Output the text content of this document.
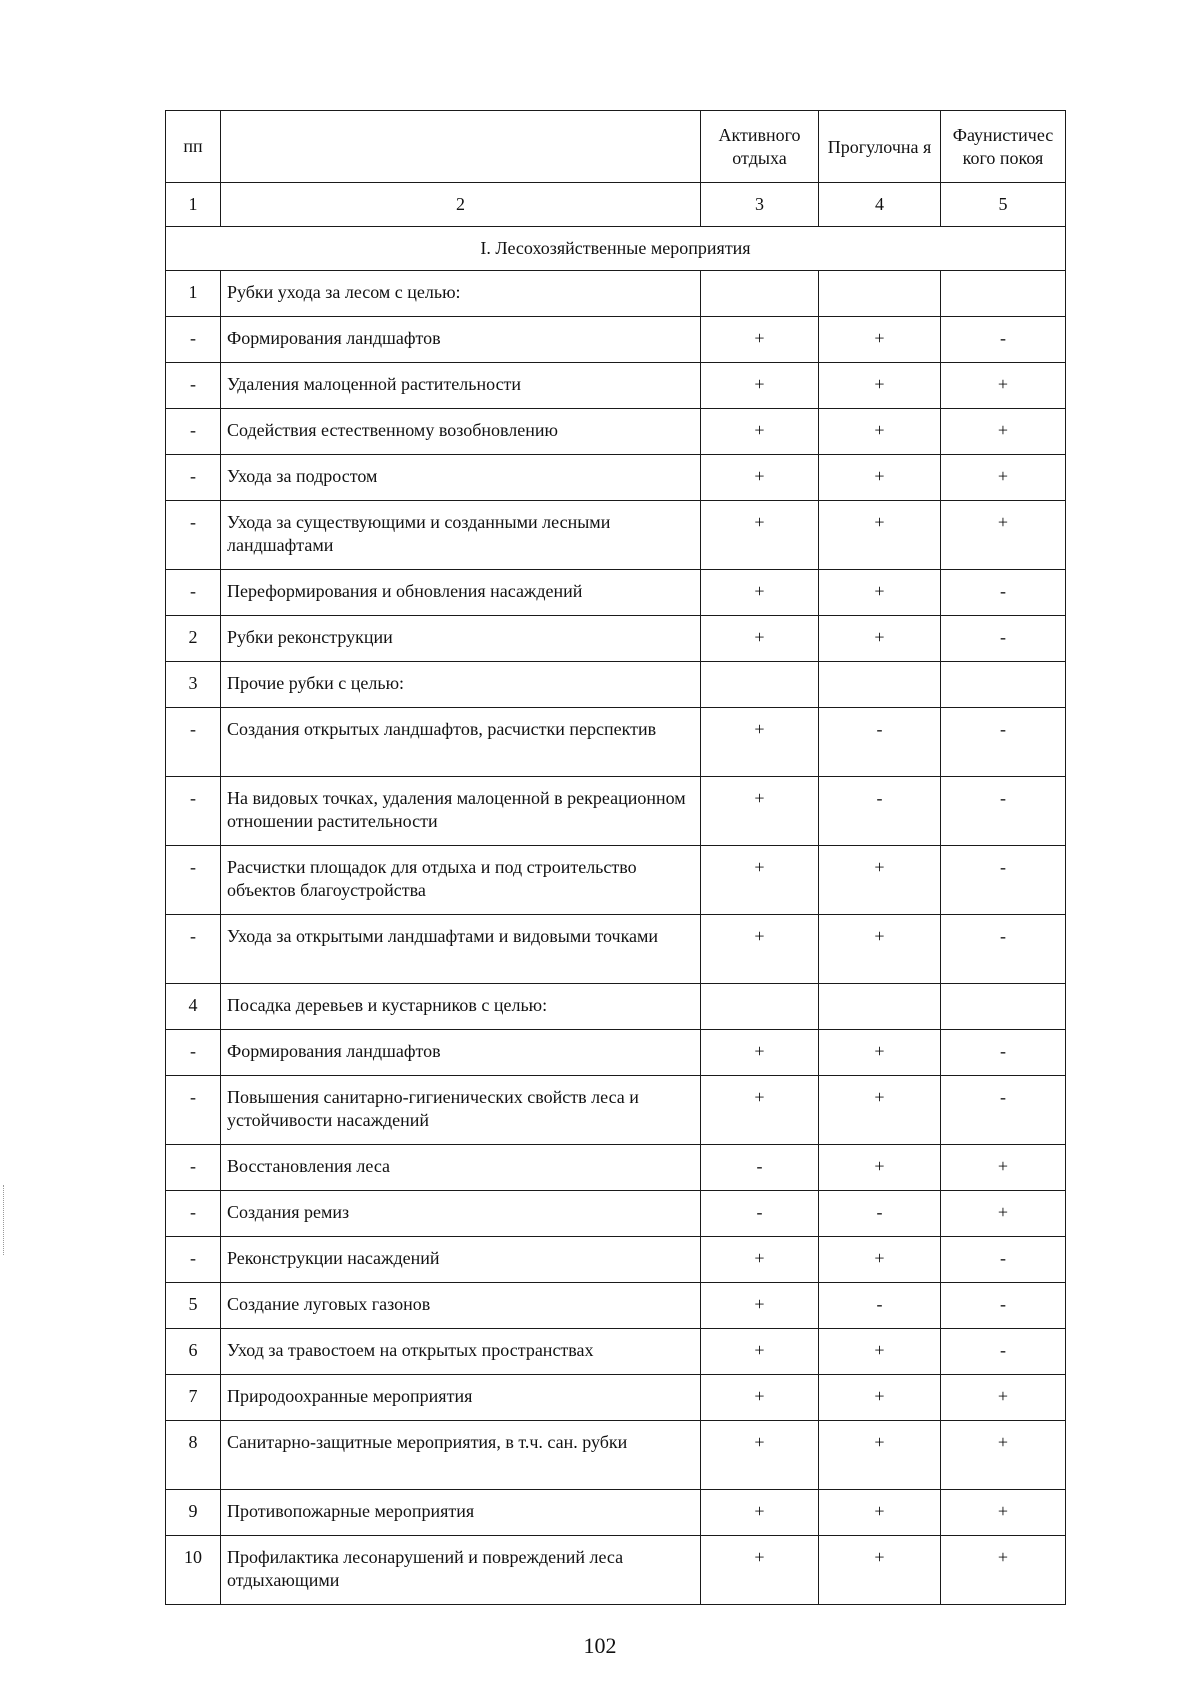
пп		Активного отдыха	Прогулочна я	Фаунистичес кого покоя
1	2	3	4	5
I. Лесохозяйственные мероприятия				

1	Рубки ухода за лесом с целью:			

-	Формирования ландшафтов	+	+	-

-	Удаления малоценной растительности	+	+	+

-	Содействия естественному возобновлению	+	+	+

-	Ухода за подростом	+	+	+

-	Ухода за существующими и созданными лесными ландшафтами	+	+	+

-	Переформирования и обновления насаждений	+	+	-

2	Рубки реконструкции	+	+	-

3	Прочие рубки с целью:			

-	Создания открытых ландшафтов, расчистки перспектив	+	-	-

-	На видовых точках, удаления малоценной в рекреационном отношении растительности	+	-	-

-	Расчистки площадок для отдыха и под строительство объектов благоустройства	+	+	-

-	Ухода за открытыми ландшафтами и видовыми точками	+	+	-

4	Посадка деревьев и кустарников с целью:			

-	Формирования ландшафтов	+	+	-

-	Повышения санитарно-гигиенических свойств леса и устойчивости насаждений	+	+	-

-	Восстановления леса	-	+	+

-	Создания ремиз	-	-	+

-	Реконструкции насаждений	+	+	-

5	Создание луговых газонов	+	-	-

6	Уход за травостоем на открытых пространствах	+	+	-

7	Природоохранные мероприятия	+	+	+

8	Санитарно-защитные мероприятия, в т.ч. сан. рубки	+	+	+

9	Противопожарные мероприятия	+	+	+

10	Профилактика лесонарушений и повреждений леса отдыхающими	+	+	+
102
